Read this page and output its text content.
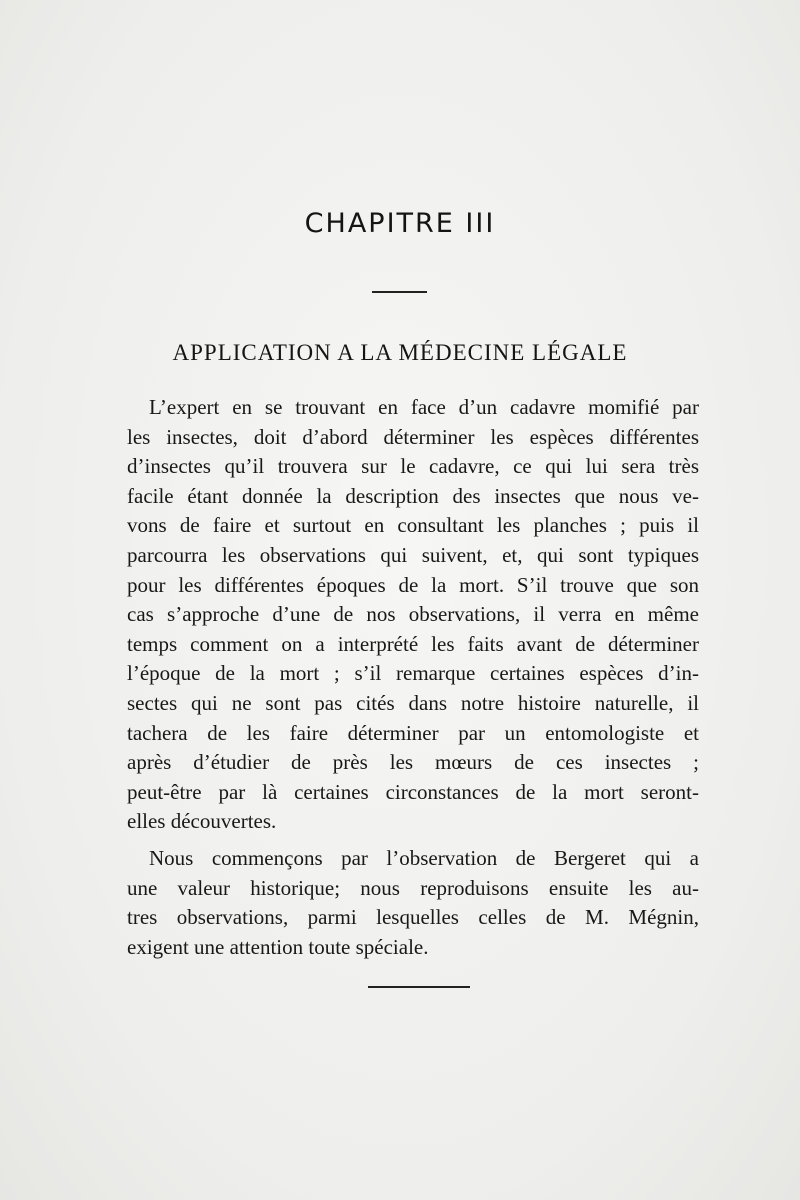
CHAPITRE III
APPLICATION A LA MÉDECINE LÉGALE
L’expert en se trouvant en face d’un cadavre momifié par
les insectes, doit d’abord déterminer les espèces différentes
d’insectes qu’il trouvera sur le cadavre, ce qui lui sera très
facile étant donnée la description des insectes que nous ve-
vons de faire et surtout en consultant les planches ; puis il
parcourra les observations qui suivent, et, qui sont typiques
pour les différentes époques de la mort. S’il trouve que son
cas s’approche d’une de nos observations, il verra en même
temps comment on a interprété les faits avant de déterminer
l’époque de la mort ; s’il remarque certaines espèces d’in-
sectes qui ne sont pas cités dans notre histoire naturelle, il
tachera de les faire déterminer par un entomologiste et
après d’étudier de près les mœurs de ces insectes ;
peut-être par là certaines circonstances de la mort seront-
elles découvertes.
Nous commençons par l’observation de Bergeret qui a
une valeur historique; nous reproduisons ensuite les au-
tres observations, parmi lesquelles celles de M. Mégnin,
exigent une attention toute spéciale.
